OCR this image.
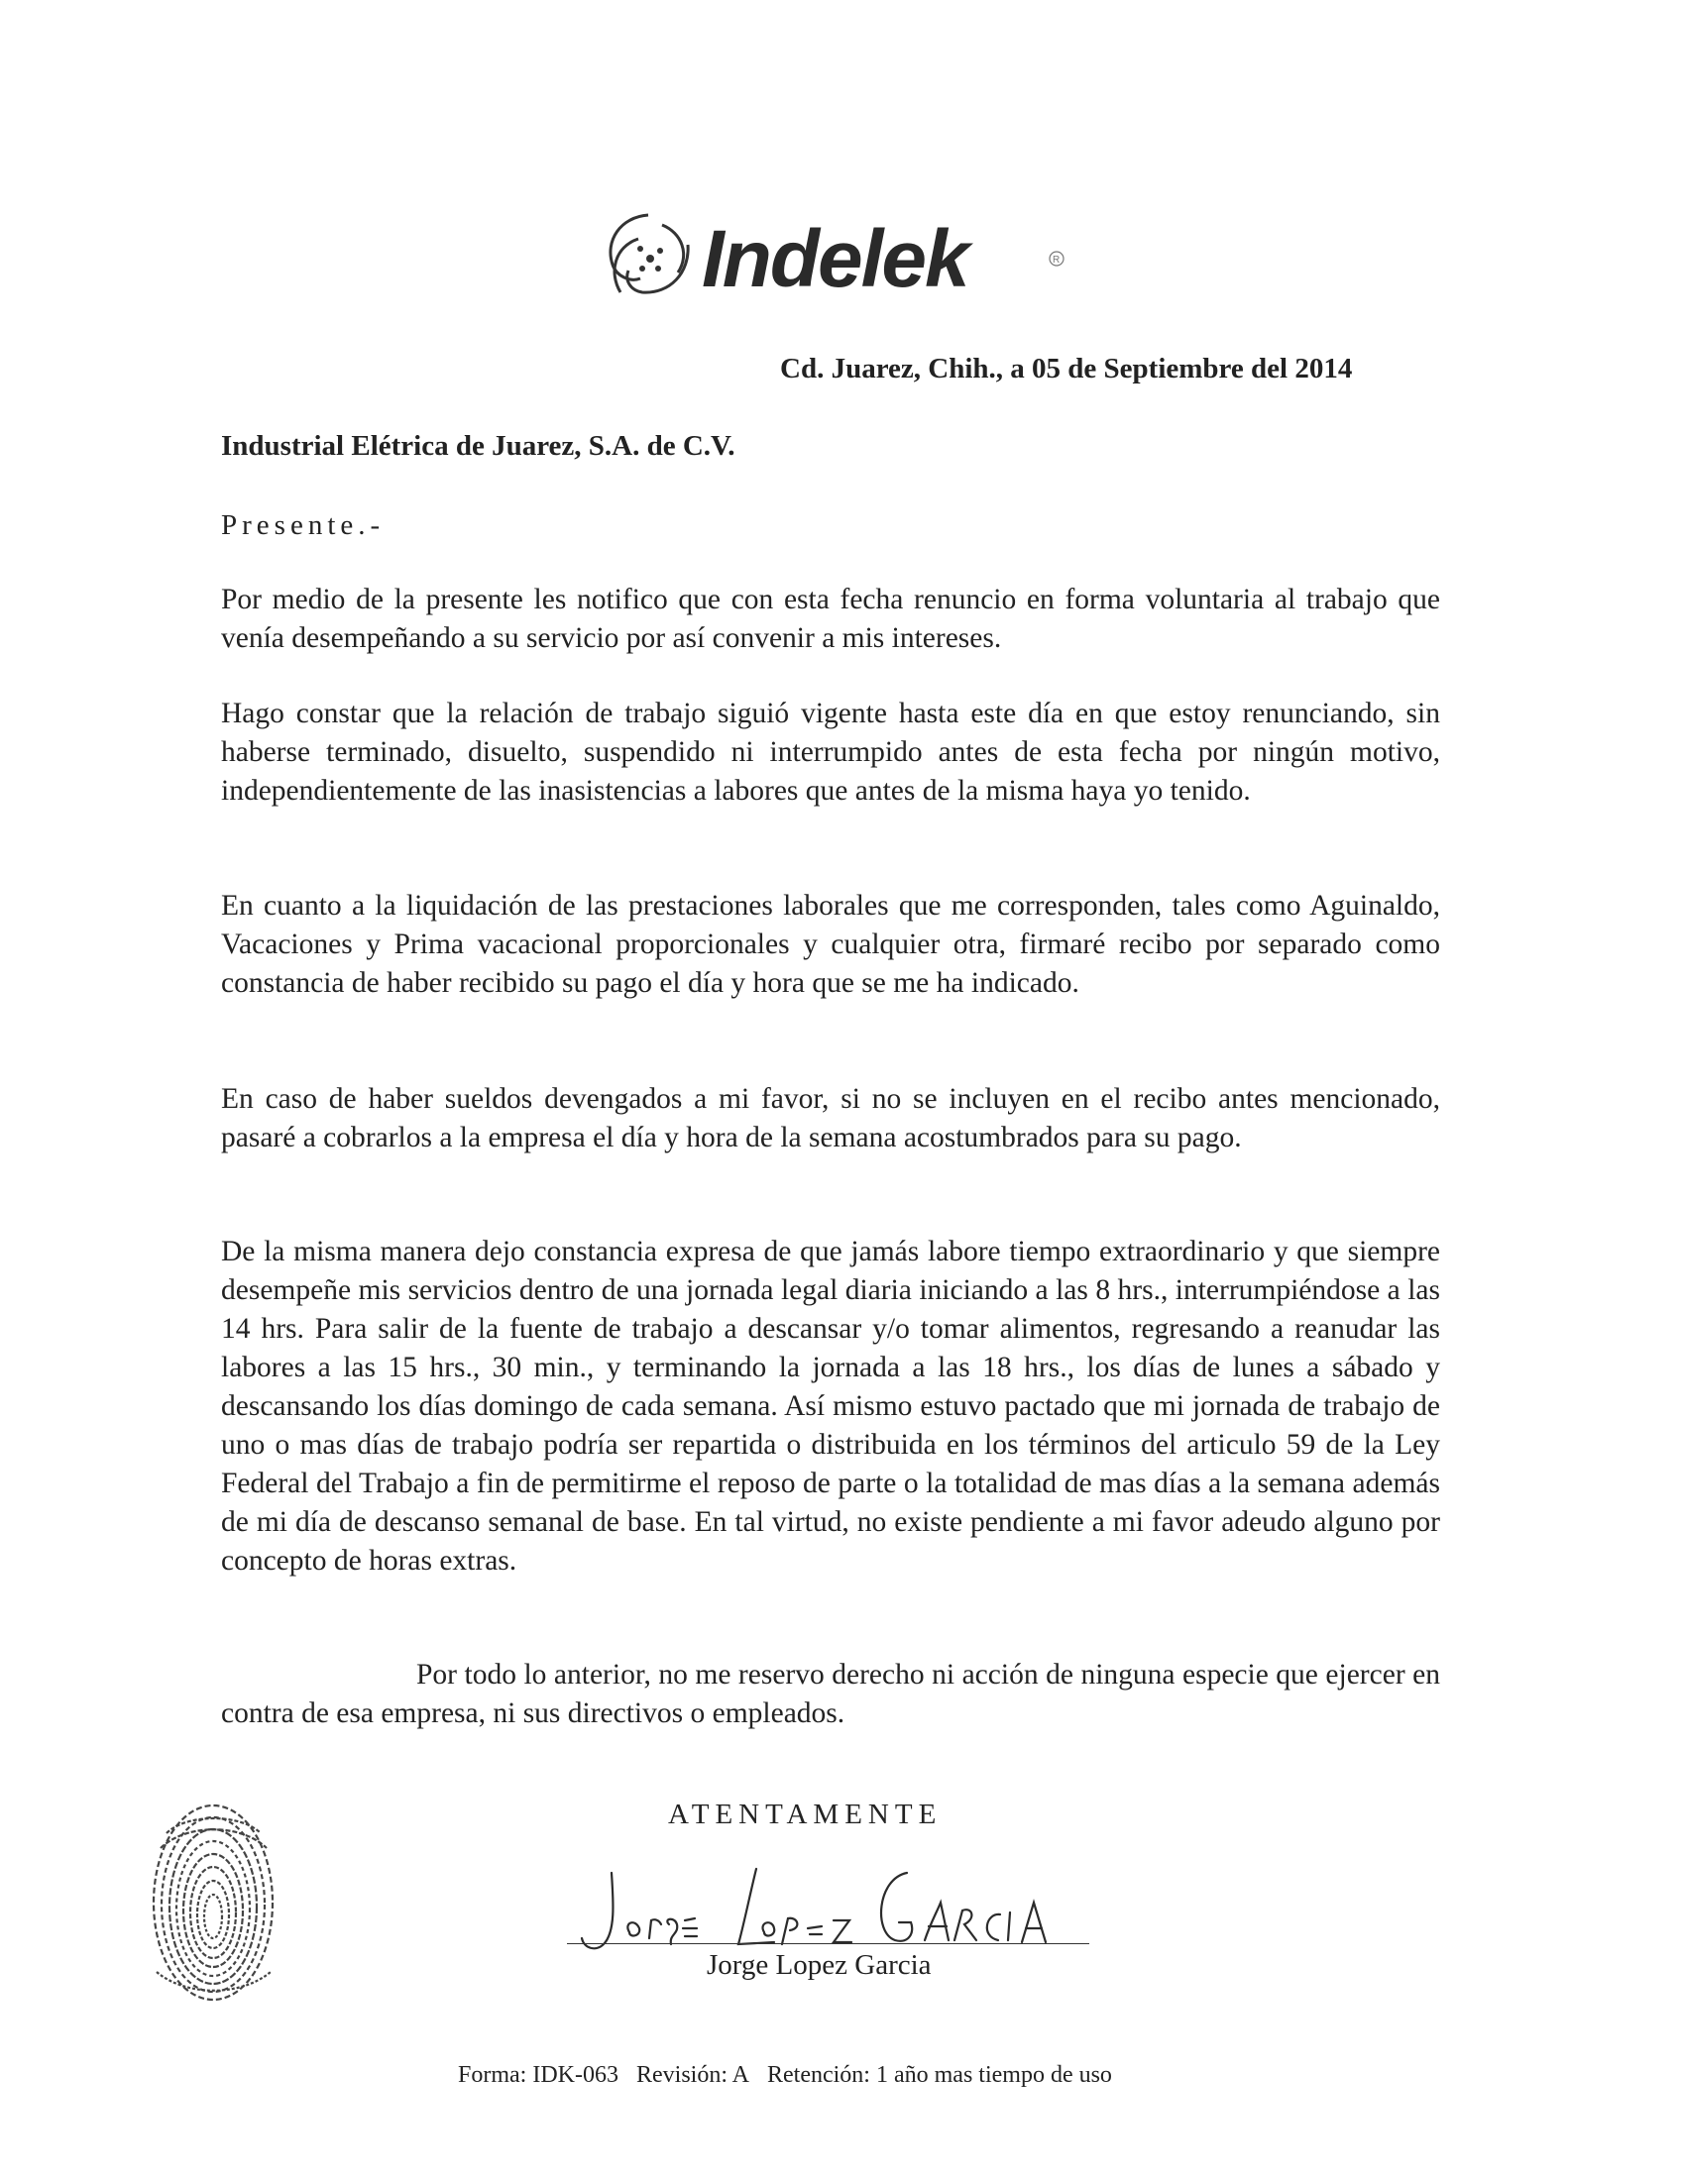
Indelek	R
Cd. Juarez, Chih., a 05 de Septiembre del 2014
Industrial Elétrica de Juarez, S.A. de C.V.
Presente.-

Por medio de la presente les notifico que con esta fecha renuncio en forma voluntaria al trabajo que venía desempeñando a su servicio por así convenir a mis intereses.

Hago constar que la relación de trabajo siguió vigente hasta este día en que estoy renunciando, sin haberse terminado, disuelto, suspendido ni interrumpido antes de esta fecha por ningún motivo, independientemente de las inasistencias a labores que antes de la misma haya yo tenido.

En cuanto a la liquidación de las prestaciones laborales que me corresponden, tales como Aguinaldo, Vacaciones y Prima vacacional proporcionales y cualquier otra, firmaré recibo por separado como constancia de haber recibido su pago el día y hora que se me ha indicado.

En caso de haber sueldos devengados a mi favor, si no se incluyen en el recibo antes mencionado, pasaré a cobrarlos a la empresa el día y hora de la semana acostumbrados para su pago.

De la misma manera dejo constancia expresa de que jamás labore tiempo extraordinario y que siempre desempeñe mis servicios dentro de una jornada legal diaria iniciando a las 8 hrs., interrumpiéndose a las 14 hrs. Para salir de la fuente de trabajo a descansar y/o tomar alimentos, regresando a reanudar las labores a las 15 hrs., 30 min., y terminando la jornada a las 18 hrs., los días de lunes a sábado y descansando los días domingo de cada semana. Así mismo estuvo pactado que mi jornada de trabajo de uno o mas días de trabajo podría ser repartida o distribuida en los términos del articulo 59 de la Ley Federal del Trabajo a fin de permitirme el reposo de parte o la totalidad de mas días a la semana además de mi día de descanso semanal de base. En tal virtud, no existe pendiente a mi favor adeudo alguno por concepto de horas extras.

Por todo lo anterior, no me reservo derecho ni acción de ninguna especie que ejercer en contra de esa empresa, ni sus directivos o empleados.

ATENTAMENTE
Jorge Lopez Garcia
Forma: IDK-063 Revisión: A Retención: 1 año mas tiempo de uso
